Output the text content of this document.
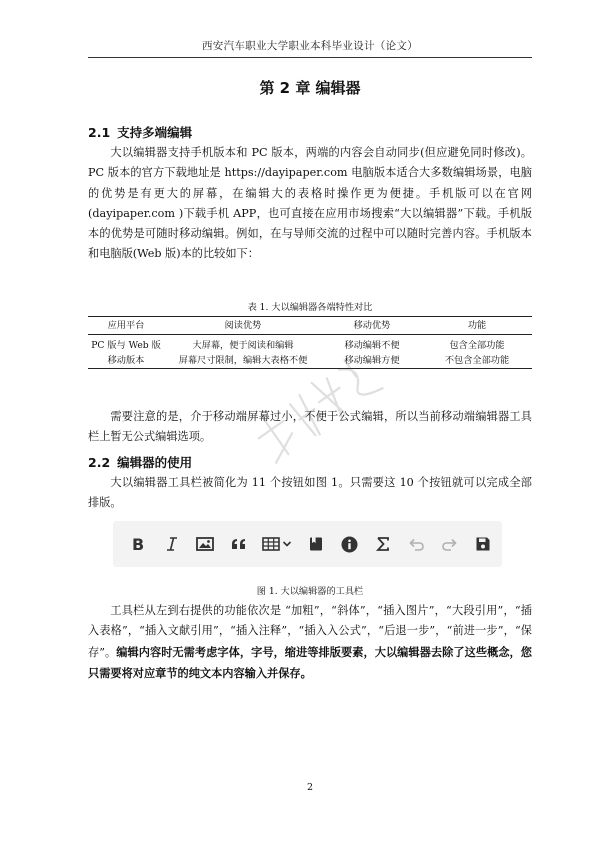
西安汽车职业大学职业本科毕业设计（论文）
第 2 章 编辑器
2.1 支持多端编辑

大以编辑器支持手机版本和 PC 版本，两端的内容会自动同步(但应避免同时修改)。PC 版本的官方下载地址是 https://dayipaper.com 电脑版本适合大多数编辑场景，电脑的优势是有更大的屏幕，在编辑大的表格时操作更为便捷。手机版可以在官网(dayipaper.com )下载手机 APP，也可直接在应用市场搜索“大以编辑器”下载。手机版本的优势是可随时移动编辑。例如，在与导师交流的过程中可以随时完善内容。手机版本和电脑版(Web 版)本的比较如下：

表 1. 大以编辑器各端特性对比
应用平台	阅读优势	移动优势	功能
PC 版与 Web 版	大屏幕，便于阅读和编辑	移动编辑不便	包含全部功能
移动版本	屏幕尺寸限制，编辑大表格不便	移动编辑方便	不包含全部功能

需要注意的是，介于移动端屏幕过小，不便于公式编辑，所以当前移动端编辑器工具栏上暂无公式编辑选项。

2.2 编辑器的使用

大以编辑器工具栏被简化为 11 个按钮如图 1。只需要这 10 个按钮就可以完成全部排版。

B
图 1. 大以编辑器的工具栏

工具栏从左到右提供的功能依次是 “加粗”，“斜体”，“插入图片”，“大段引用”，“插入表格”，“插入文献引用”，“插入注释”，“插入入公式”，“后退一步”，“前进一步”，“保存”。编辑内容时无需考虑字体，字号，缩进等排版要素，大以编辑器去除了这些概念，您只需要将对应章节的纯文本内容输入并保存。

2
